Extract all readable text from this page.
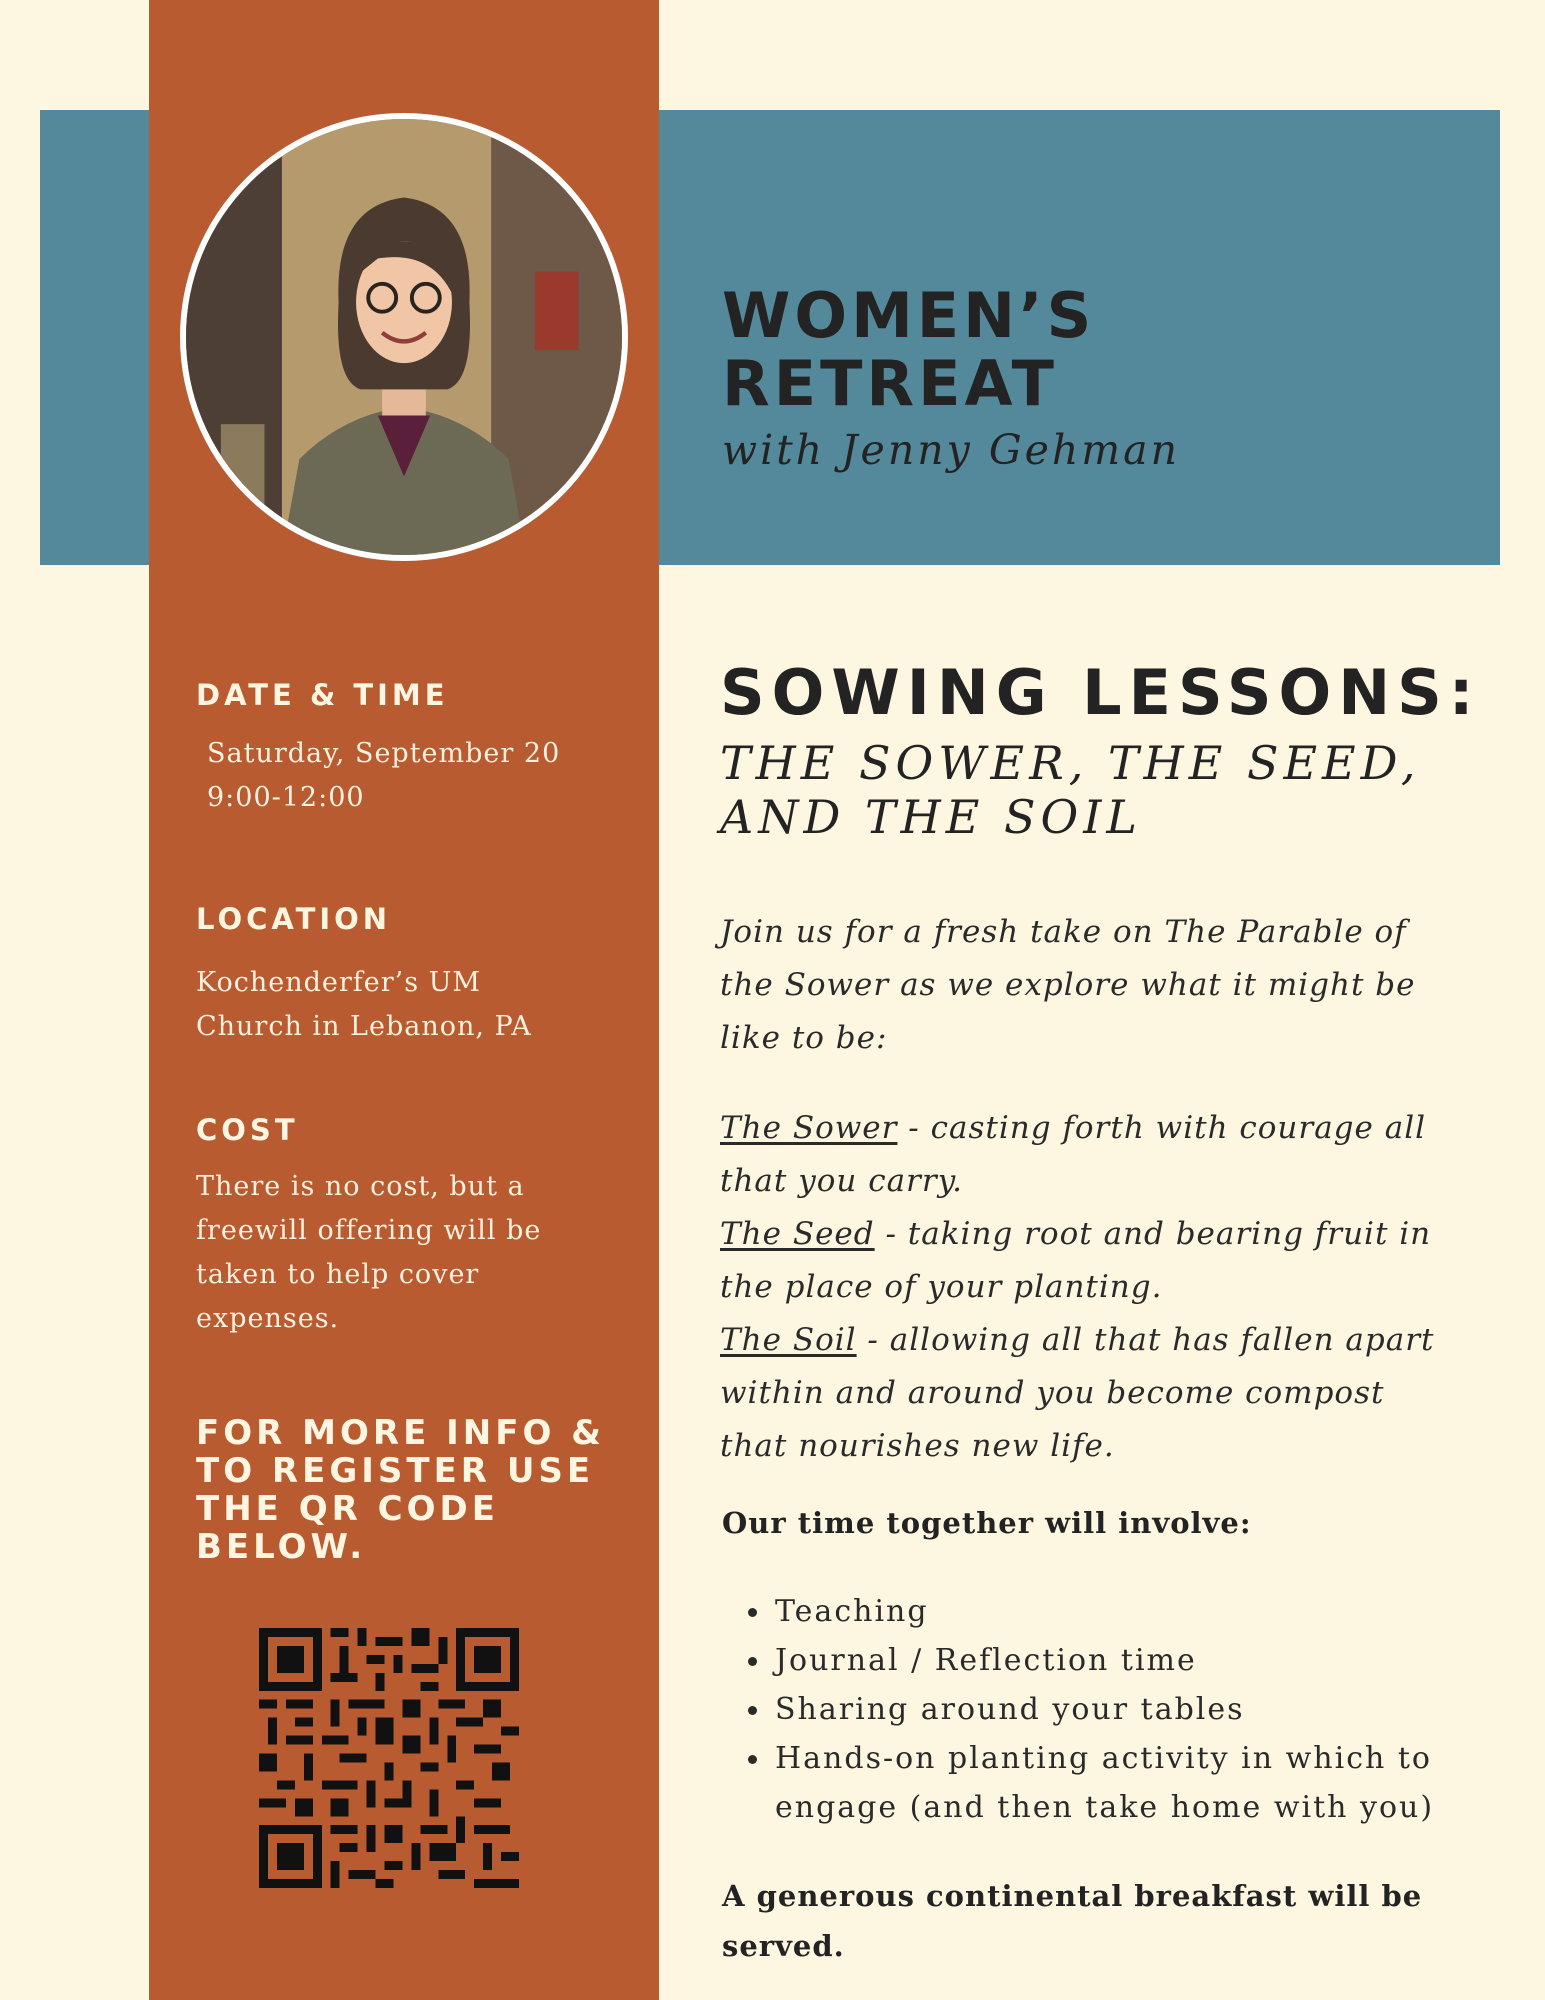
WOMEN’S
RETREAT
with Jenny Gehman
DATE & TIME
Saturday, September 20
9:00-12:00
LOCATION
Kochenderfer’s UM
Church in Lebanon, PA
COST
There is no cost, but a
freewill offering will be
taken to help cover
expenses.
FOR MORE INFO &
TO REGISTER USE
THE QR CODE
BELOW.
SOWING LESSONS:
THE SOWER, THE SEED,
AND THE SOIL

Join us for a fresh take on The Parable of
the Sower as we explore what it might be
like to be:

The Sower - casting forth with courage all
that you carry.
The Seed - taking root and bearing fruit in
the place of your planting.
The Soil - allowing all that has fallen apart
within and around you become compost
that nourishes new life.
Our time together will involve:
Teaching
Journal / Reflection time
Sharing around your tables
Hands-on planting activity in which to
engage (and then take home with you)
A generous continental breakfast will be
served.
